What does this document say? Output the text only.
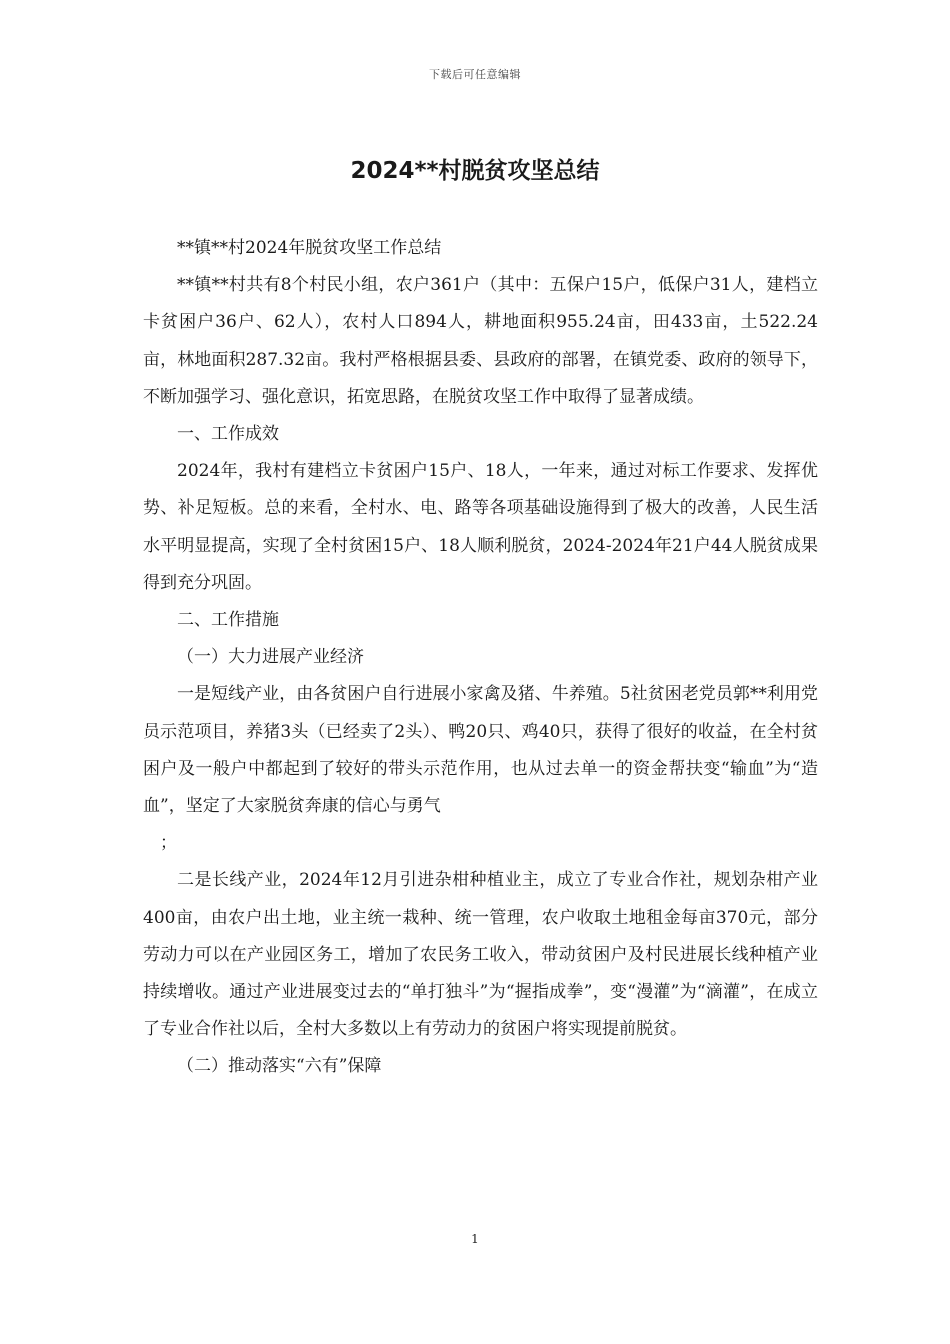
下载后可任意编辑
2024**村脱贫攻坚总结

**镇**村2024年脱贫攻坚工作总结

**镇**村共有8个村民小组，农户361户（其中：五保户15户，低保户31人，建档立卡贫困户36户、62人），农村人口894人，耕地面积955.24亩，田433亩，土522.24亩，林地面积287.32亩。我村严格根据县委、县政府的部署，在镇党委、政府的领导下，不断加强学习、强化意识，拓宽思路，在脱贫攻坚工作中取得了显著成绩。

一、工作成效

2024年，我村有建档立卡贫困户15户、18人，一年来，通过对标工作要求、发挥优势、补足短板。总的来看，全村水、电、路等各项基础设施得到了极大的改善，人民生活水平明显提高，实现了全村贫困15户、18人顺利脱贫，2024-2024年21户44人脱贫成果得到充分巩固。

二、工作措施

（一）大力进展产业经济

一是短线产业，由各贫困户自行进展小家禽及猪、牛养殖。5社贫困老党员郭**利用党员示范项目，养猪3头（已经卖了2头）、鸭20只、鸡40只，获得了很好的收益，在全村贫困户及一般户中都起到了较好的带头示范作用，也从过去单一的资金帮扶变“输血”为“造血”，坚定了大家脱贫奔康的信心与勇气

；

二是长线产业，2024年12月引进杂柑种植业主，成立了专业合作社，规划杂柑产业400亩，由农户出土地，业主统一栽种、统一管理，农户收取土地租金每亩370元，部分劳动力可以在产业园区务工，增加了农民务工收入，带动贫困户及村民进展长线种植产业持续增收。通过产业进展变过去的“单打独斗”为“握指成拳”，变“漫灌”为“滴灌”，在成立了专业合作社以后，全村大多数以上有劳动力的贫困户将实现提前脱贫。

（二）推动落实“六有”保障

1
